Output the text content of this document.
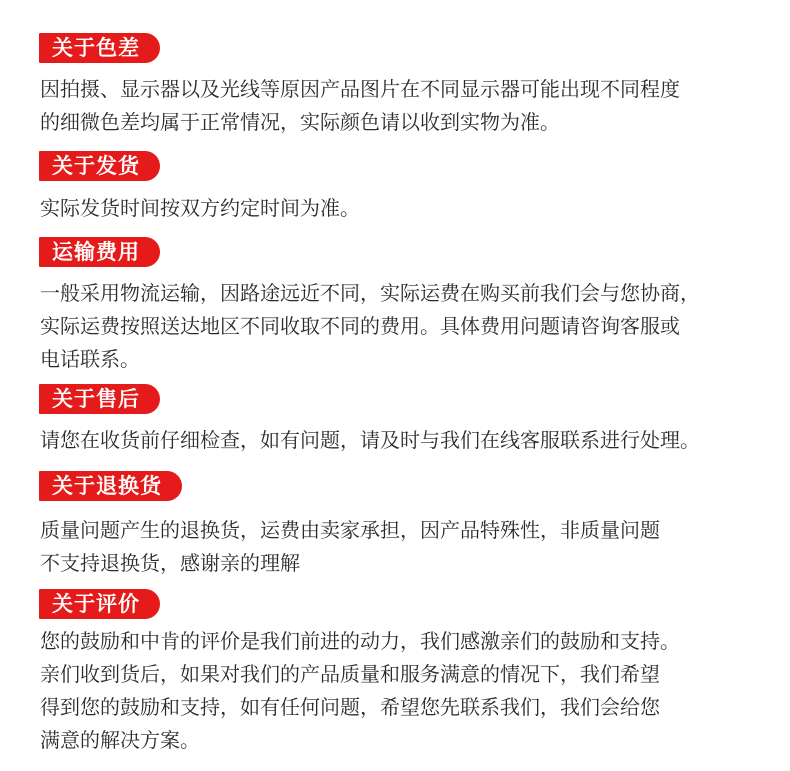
关于色差
因拍摄、显示器以及光线等原因产品图片在不同显示器可能出现不同程度
的细微色差均属于正常情况，实际颜色请以收到实物为准。
关于发货
实际发货时间按双方约定时间为准。
运输费用
一般采用物流运输，因路途远近不同，实际运费在购买前我们会与您协商，
实际运费按照送达地区不同收取不同的费用。具体费用问题请咨询客服或
电话联系。
关于售后
请您在收货前仔细检查，如有问题，请及时与我们在线客服联系进行处理。
关于退换货
质量问题产生的退换货，运费由卖家承担，因产品特殊性，非质量问题
不支持退换货，感谢亲的理解
关于评价
您的鼓励和中肯的评价是我们前进的动力，我们感激亲们的鼓励和支持。
亲们收到货后，如果对我们的产品质量和服务满意的情况下，我们希望
得到您的鼓励和支持，如有任何问题，希望您先联系我们，我们会给您
满意的解决方案。
